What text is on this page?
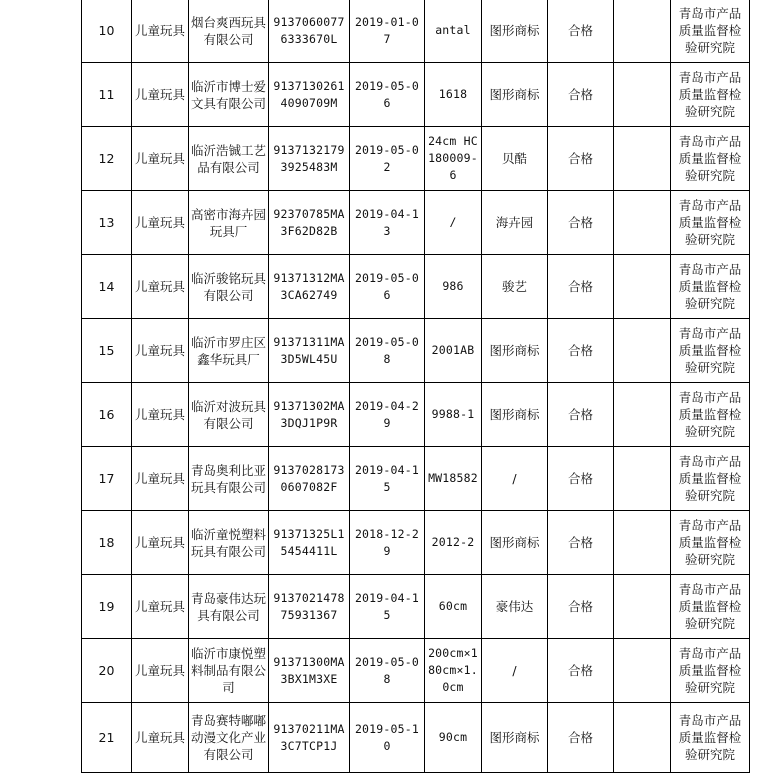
10	儿童玩具	烟台爽西玩具有限公司	91370600776333670L	2019-01-07	antal	图形商标	合格		青岛市产品质量监督检验研究院
11	儿童玩具	临沂市博士爱文具有限公司	91371302614090709M	2019-05-06	1618	图形商标	合格		青岛市产品质量监督检验研究院
12	儿童玩具	临沂浩铖工艺品有限公司	91371321793925483M	2019-05-02	24cm HC180009-6	贝酷	合格		青岛市产品质量监督检验研究院
13	儿童玩具	高密市海卉园玩具厂	92370785MA3F62D82B	2019-04-13	/	海卉园	合格		青岛市产品质量监督检验研究院
14	儿童玩具	临沂骏铭玩具有限公司	91371312MA3CA62749	2019-05-06	986	骏艺	合格		青岛市产品质量监督检验研究院
15	儿童玩具	临沂市罗庄区鑫华玩具厂	91371311MA3D5WL45U	2019-05-08	2001AB	图形商标	合格		青岛市产品质量监督检验研究院
16	儿童玩具	临沂对波玩具有限公司	91371302MA3DQJ1P9R	2019-04-29	9988-1	图形商标	合格		青岛市产品质量监督检验研究院
17	儿童玩具	青岛奥利比亚玩具有限公司	91370281730607082F	2019-04-15	MW18582	/	合格		青岛市产品质量监督检验研究院
18	儿童玩具	临沂童悦塑料玩具有限公司	91371325L15454411L	2018-12-29	2012-2	图形商标	合格		青岛市产品质量监督检验研究院
19	儿童玩具	青岛豪伟达玩具有限公司	913702147875931367	2019-04-15	60cm	豪伟达	合格		青岛市产品质量监督检验研究院
20	儿童玩具	临沂市康悦塑料制品有限公司	91371300MA3BX1M3XE	2019-05-08	200cm×180cm×1.0cm	/	合格		青岛市产品质量监督检验研究院
21	儿童玩具	青岛赛特嘟嘟动漫文化产业有限公司	91370211MA3C7TCP1J	2019-05-10	90cm	图形商标	合格		青岛市产品质量监督检验研究院
